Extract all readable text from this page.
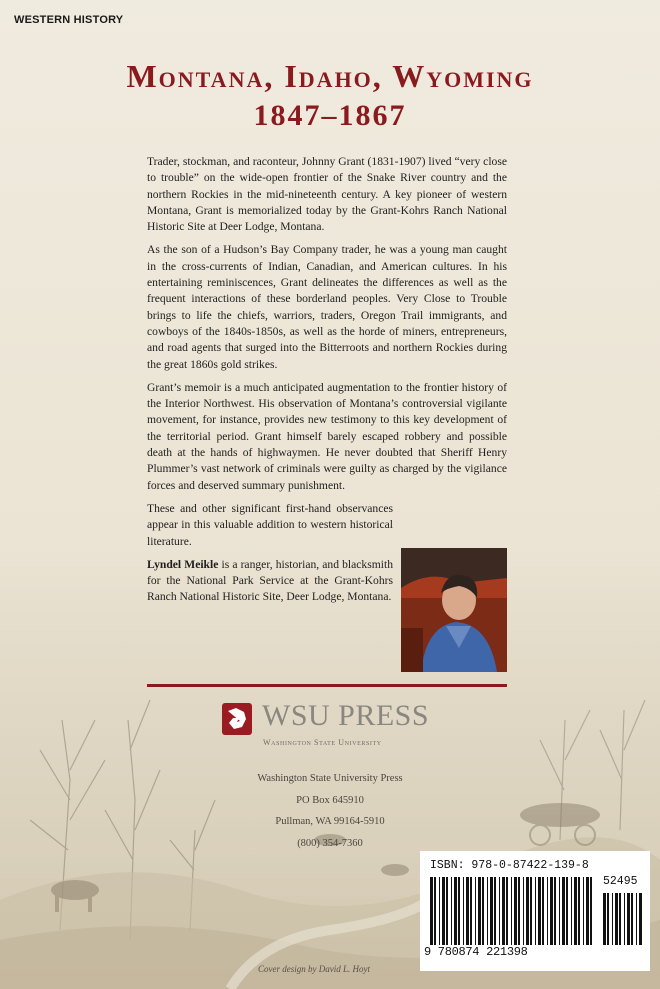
WESTERN HISTORY
Montana, Idaho, Wyoming
1847–1867

Trader, stockman, and raconteur, Johnny Grant (1831-1907) lived “very close to trouble” on the wide-open frontier of the Snake River country and the northern Rockies in the mid-nineteenth century. A key pioneer of western Montana, Grant is memorialized today by the Grant-Kohrs Ranch National Historic Site at Deer Lodge, Montana.

As the son of a Hudson’s Bay Company trader, he was a young man caught in the cross-currents of Indian, Canadian, and American cultures. In his entertaining reminiscences, Grant delineates the differences as well as the frequent interactions of these borderland peoples. Very Close to Trouble brings to life the chiefs, warriors, traders, Oregon Trail immigrants, and cowboys of the 1840s-1850s, as well as the horde of miners, entrepreneurs, and road agents that surged into the Bitterroots and northern Rockies during the great 1860s gold strikes.

Grant’s memoir is a much anticipated augmentation to the frontier history of the Interior Northwest. His observation of Montana’s controversial vigilante movement, for instance, provides new testimony to this key development of the territorial period. Grant himself barely escaped robbery and possible death at the hands of highwaymen. He never doubted that Sheriff Henry Plummer’s vast network of criminals were guilty as charged by the vigilance forces and deserved summary punishment.

These and other significant first-hand observances appear in this valuable addition to western historical literature.

Lyndel Meikle is a ranger, historian, and blacksmith for the National Park Service at the Grant-Kohrs Ranch National Historic Site, Deer Lodge, Montana.

WSU PRESS
Washington State University
Washington State University Press
PO Box 645910
Pullman, WA 99164-5910
(800) 354-7360
ISBN: 978-0-87422-139-8
52495
9 780874 221398
Cover design by David L. Hoyt
